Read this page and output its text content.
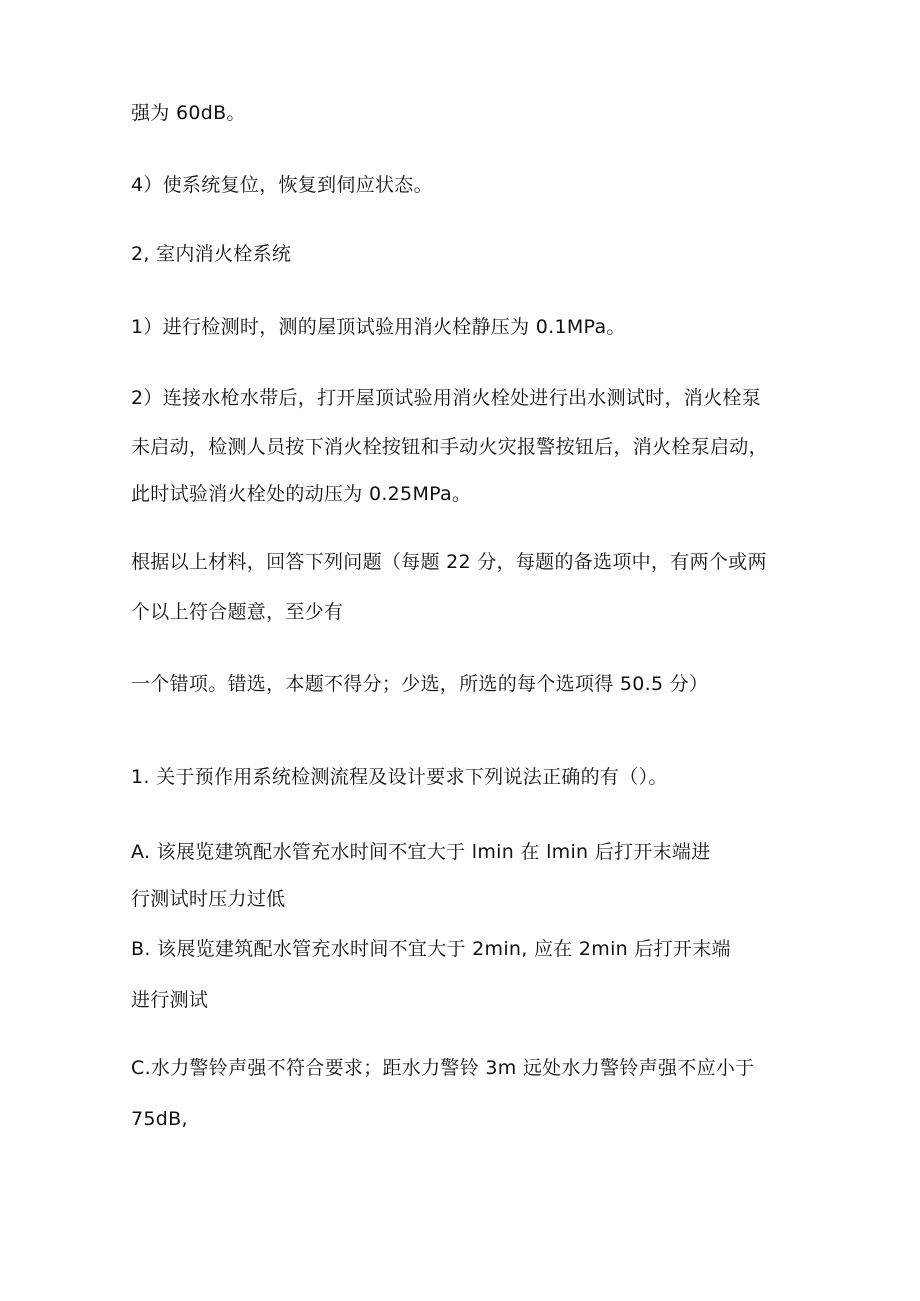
强为 60dB。

4）使系统复位，恢复到伺应状态。

2, 室内消火栓系统

1）进行检测时，测的屋顶试验用消火栓静压为 0.1MPa。

2）连接水枪水带后，打开屋顶试验用消火栓处进行出水测试时，消火栓泵

未启动，检测人员按下消火栓按钮和手动火灾报警按钮后，消火栓泵启动，

此时试验消火栓处的动压为 0.25MPa。

根据以上材料，回答下列问题（每题 22 分，每题的备选项中，有两个或两

个以上符合题意，至少有

一个错项。错选，本题不得分；少选，所选的每个选项得 50.5 分）

1. 关于预作用系统检测流程及设计要求下列说法正确的有（）。

A. 该展览建筑配水管充水时间不宜大于 lmin 在 lmin 后打开末端进

行测试时压力过低

B. 该展览建筑配水管充水时间不宜大于 2min, 应在 2min 后打开末端

进行测试

C.水力警铃声强不符合要求；距水力警铃 3m 远处水力警铃声强不应小于

75dB,
